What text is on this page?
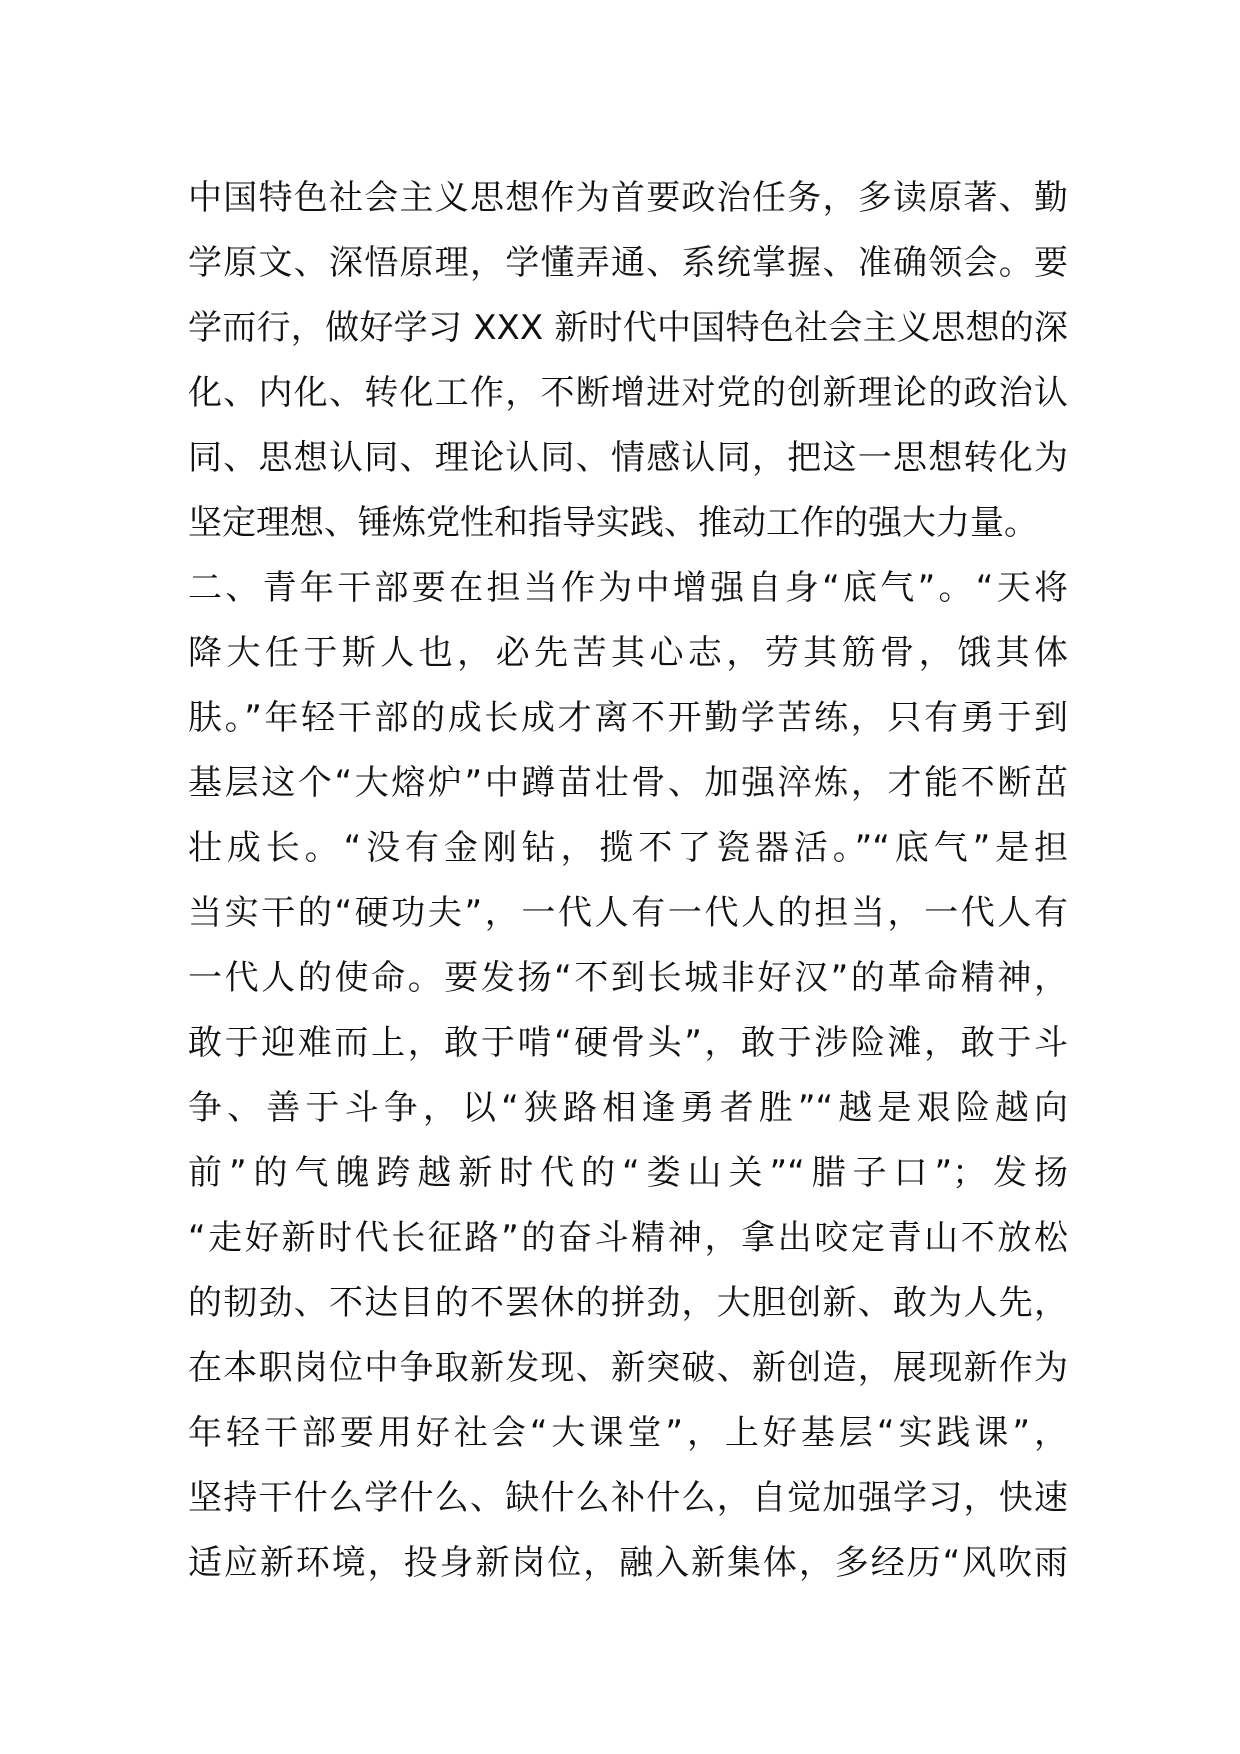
中国特色社会主义思想作为首要政治任务，多读原著、勤
学原文、深悟原理，学懂弄通、系统掌握、准确领会。要
学而行，做好学习 XXX 新时代中国特色社会主义思想的深
化、内化、转化工作，不断增进对党的创新理论的政治认
同、思想认同、理论认同、情感认同，把这一思想转化为
坚定理想、锤炼党性和指导实践、推动工作的强大力量。
二、青年干部要在担当作为中增强自身“底气”。“天将
降大任于斯人也，必先苦其心志，劳其筋骨，饿其体
肤。”年轻干部的成长成才离不开勤学苦练，只有勇于到
基层这个“大熔炉”中蹲苗壮骨、加强淬炼，才能不断茁
壮成长。“没有金刚钻，揽不了瓷器活。”“底气”是担
当实干的“硬功夫”，一代人有一代人的担当，一代人有
一代人的使命。要发扬“不到长城非好汉”的革命精神，
敢于迎难而上，敢于啃“硬骨头”，敢于涉险滩，敢于斗
争、善于斗争，以“狭路相逢勇者胜”“越是艰险越向
前”的气魄跨越新时代的“娄山关”“腊子口”；发扬
“走好新时代长征路”的奋斗精神，拿出咬定青山不放松
的韧劲、不达目的不罢休的拼劲，大胆创新、敢为人先，
在本职岗位中争取新发现、新突破、新创造，展现新作为
年轻干部要用好社会“大课堂”，上好基层“实践课”，
坚持干什么学什么、缺什么补什么，自觉加强学习，快速
适应新环境，投身新岗位，融入新集体，多经历“风吹雨
